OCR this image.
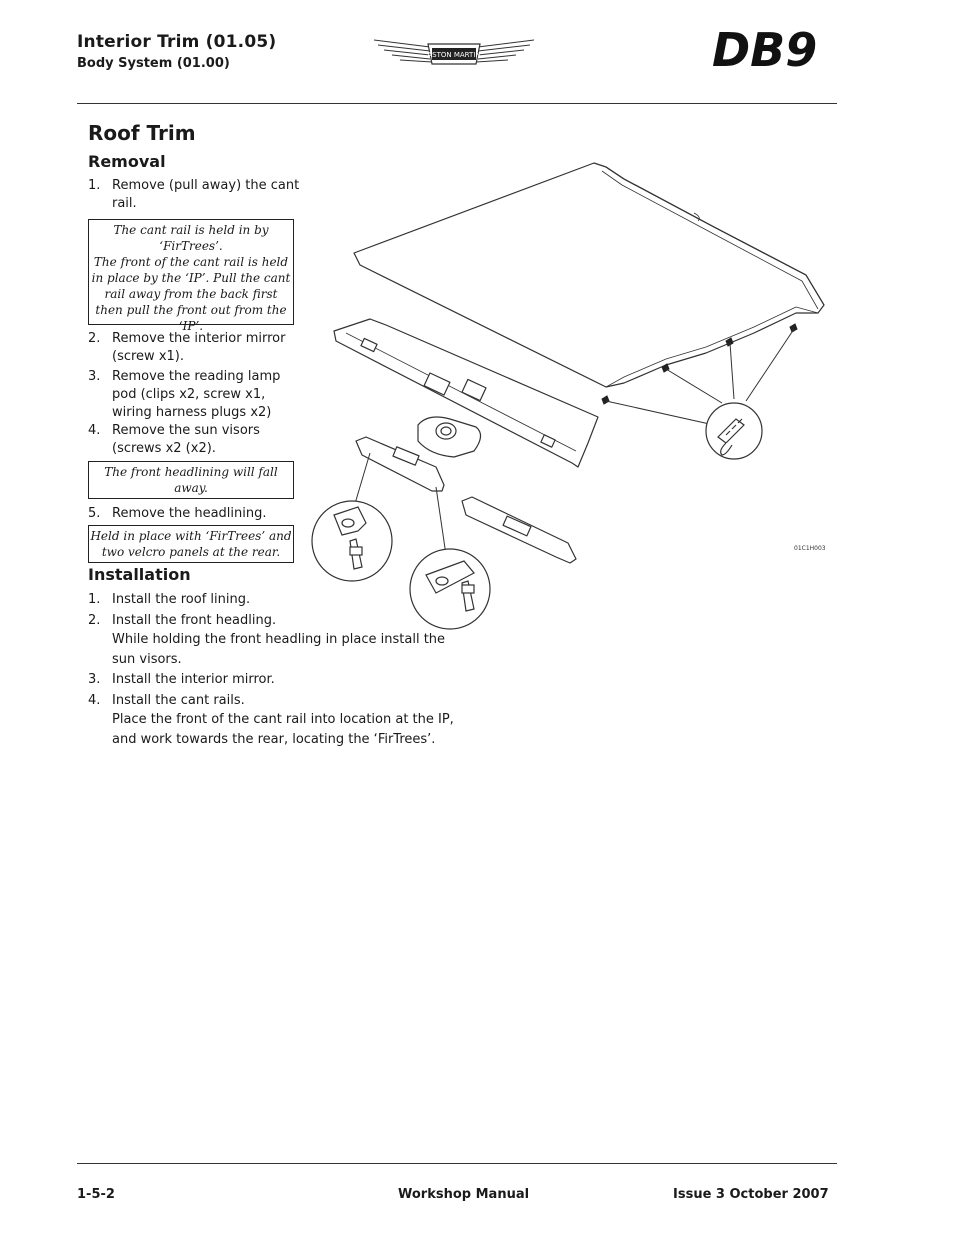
Interior Trim (01.05)
Body System (01.00)
ASTON MARTIN	DB9
Roof Trim
Removal
1. Remove (pull away) the cant rail.

The cant rail is held in by ‘FirTrees’.

The front of the cant rail is held in place by the ‘IP’. Pull the cant rail away from the back first then pull the front out from the ‘IP’.

2. Remove the interior mirror (screw x1).
3. Remove the reading lamp pod (clips x2, screw x1, wiring harness plugs x2)
4. Remove the sun visors (screws x2 (x2).

The front headlining will fall away.

5. Remove the headlining.

Held in place with ‘FirTrees’ and two velcro panels at the rear.

Installation
1. Install the roof lining.
2. Install the front headling.
While holding the front headling in place install the sun visors.
3. Install the interior mirror.
4. Install the cant rails.
Place the front of the cant rail into location at the IP, and work towards the rear, locating the ‘FirTrees’.
01C1H003
1-5-2	Workshop Manual	Issue 3 October 2007
